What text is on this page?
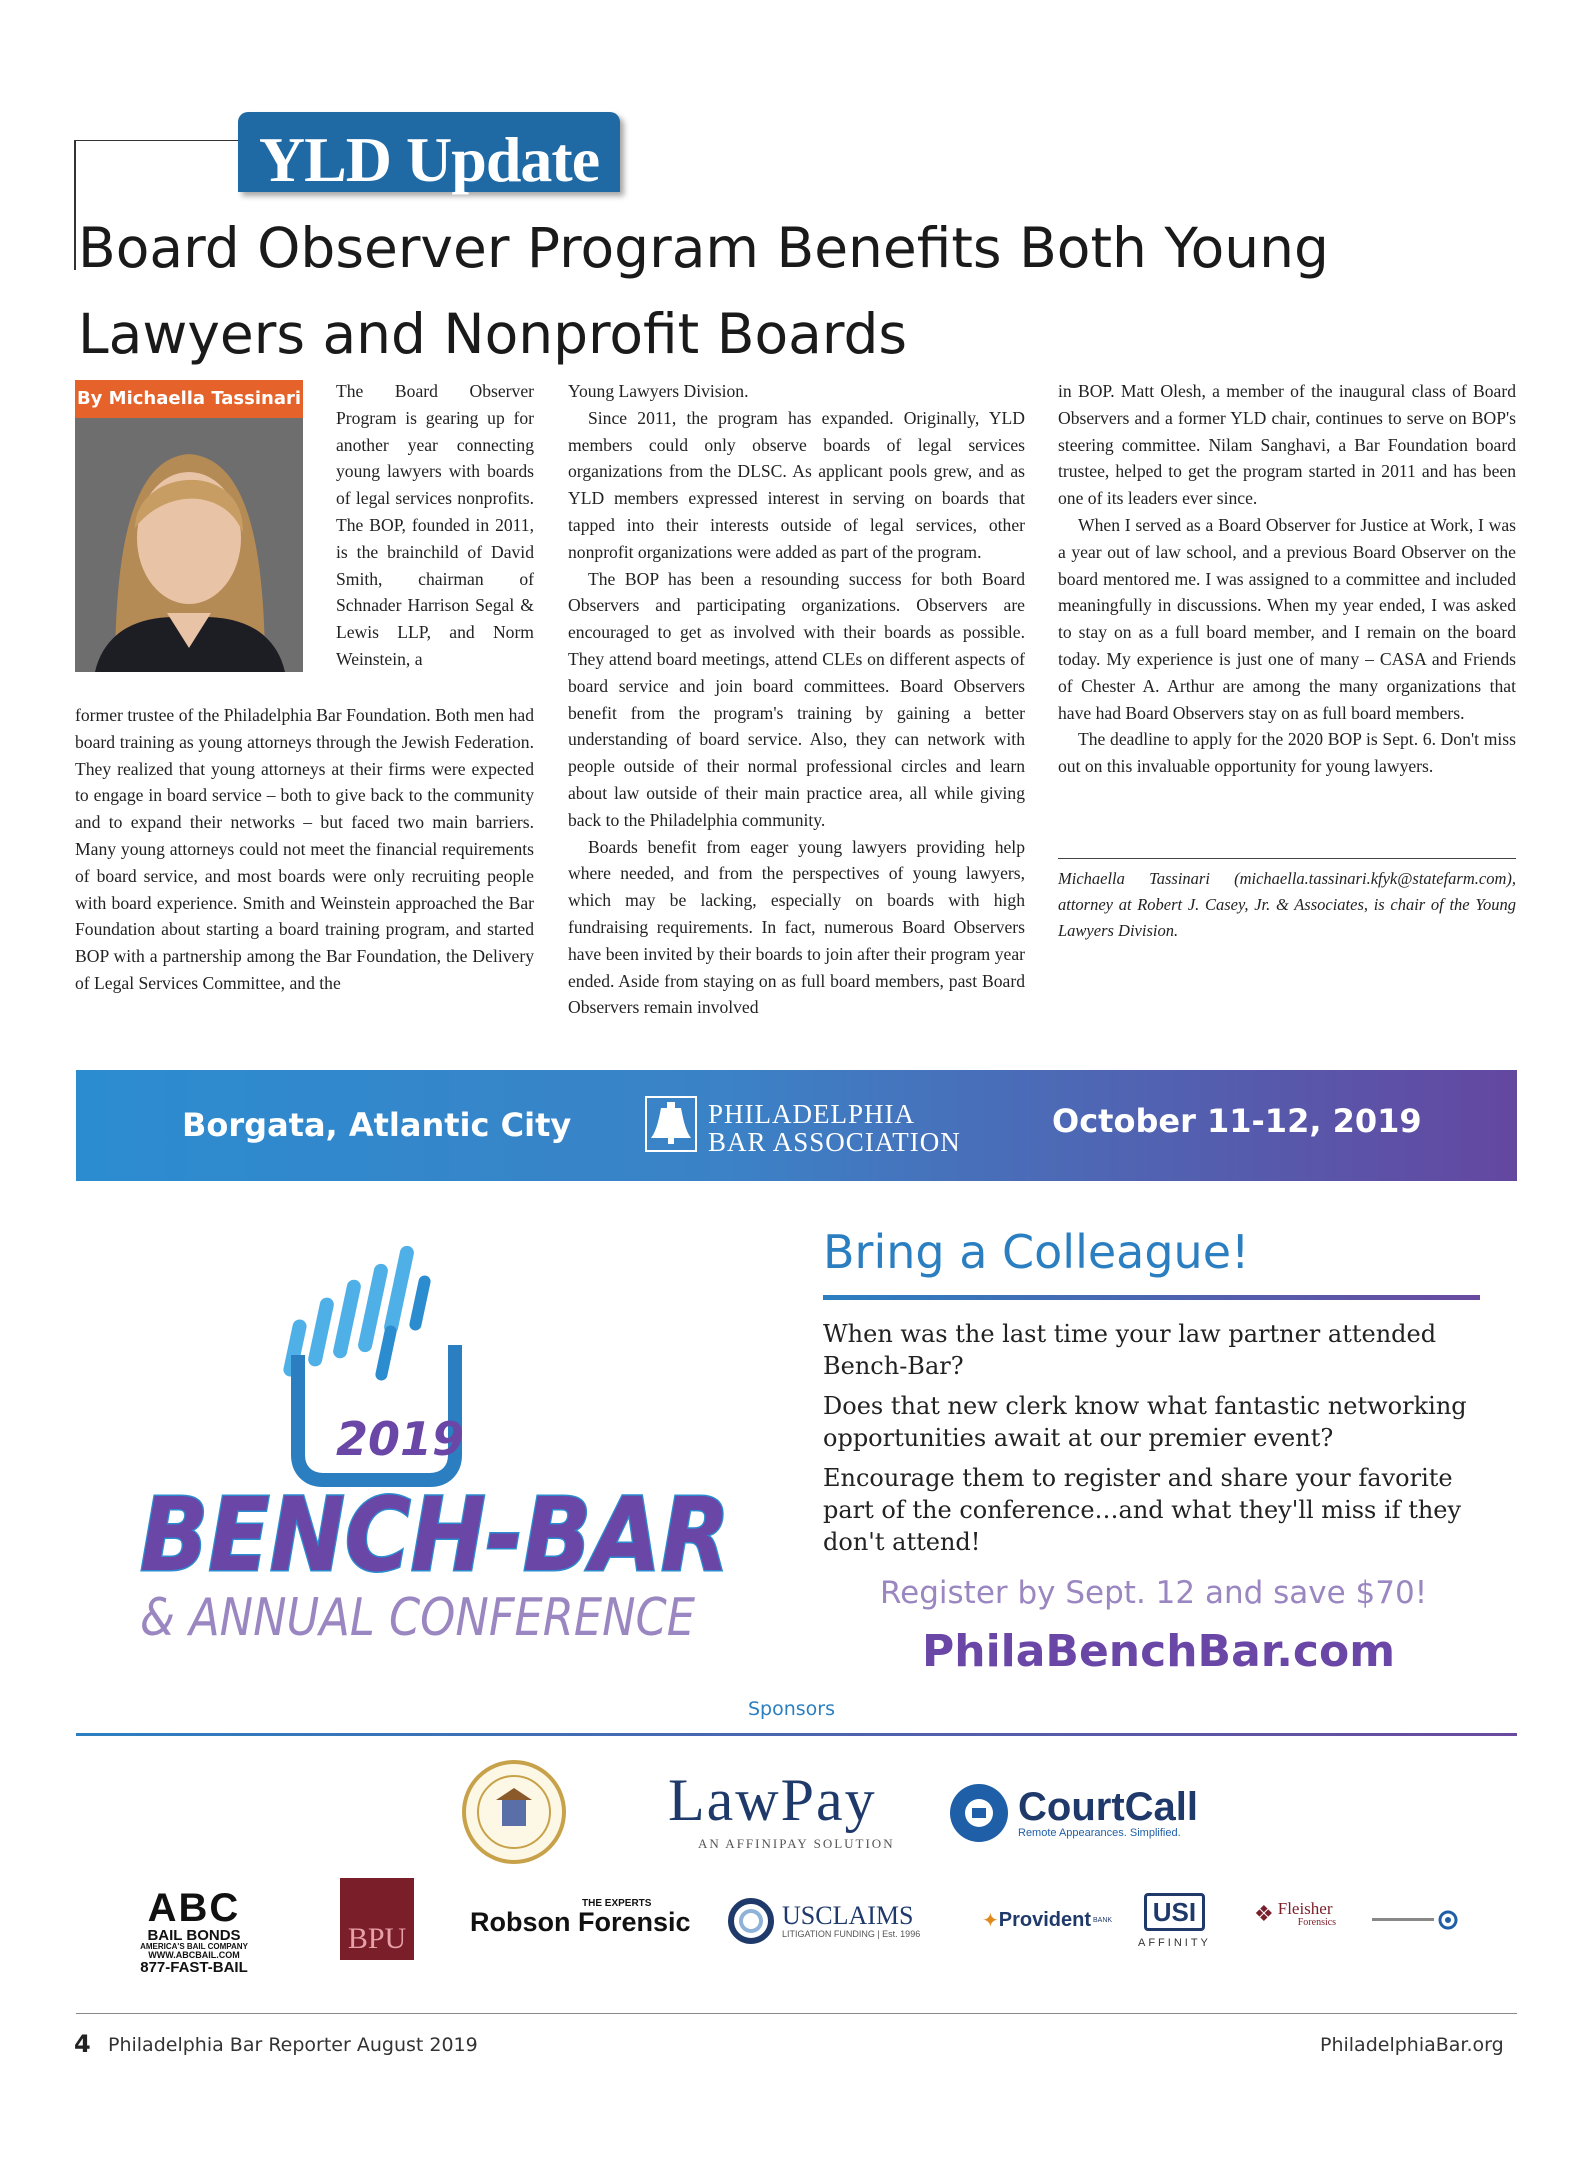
YLD Update
Board Observer Program Benefits Both Young Lawyers and Nonprofit Boards
By Michaella Tassinari The Board Observer Program is gearing up for another year connecting young lawyers with boards of legal services nonprofits. The BOP, founded in 2011, is the brainchild of David Smith, chairman of Schnader Harrison Segal & Lewis LLP, and Norm Weinstein, a

former trustee of the Philadelphia Bar Foundation. Both men had board training as young attorneys through the Jewish Federation. They realized that young attorneys at their firms were expected to engage in board service – both to give back to the community and to expand their networks – but faced two main barriers. Many young attorneys could not meet the financial requirements of board service, and most boards were only recruiting people with board experience. Smith and Weinstein approached the Bar Foundation about starting a board training program, and started BOP with a partnership among the Bar Foundation, the Delivery of Legal Services Committee, and the

Young Lawyers Division.

Since 2011, the program has expanded. Originally, YLD members could only observe boards of legal services organizations from the DLSC. As applicant pools grew, and as YLD members expressed interest in serving on boards that tapped into their interests outside of legal services, other nonprofit organizations were added as part of the program.

The BOP has been a resounding success for both Board Observers and participating organizations. Observers are encouraged to get as involved with their boards as possible. They attend board meetings, attend CLEs on different aspects of board service and join board committees. Board Observers benefit from the program's training by gaining a better understanding of board service. Also, they can network with people outside of their normal professional circles and learn about law outside of their main practice area, all while giving back to the Philadelphia community.

Boards benefit from eager young lawyers providing help where needed, and from the perspectives of young lawyers, which may be lacking, especially on boards with high fundraising requirements. In fact, numerous Board Observers have been invited by their boards to join after their program year ended. Aside from staying on as full board members, past Board Observers remain involved

in BOP. Matt Olesh, a member of the inaugural class of Board Observers and a former YLD chair, continues to serve on BOP's steering committee. Nilam Sanghavi, a Bar Foundation board trustee, helped to get the program started in 2011 and has been one of its leaders ever since.

When I served as a Board Observer for Justice at Work, I was a year out of law school, and a previous Board Observer on the board mentored me. I was assigned to a committee and included meaningfully in discussions. When my year ended, I was asked to stay on as a full board member, and I remain on the board today. My experience is just one of many – CASA and Friends of Chester A. Arthur are among the many organizations that have had Board Observers stay on as full board members.

The deadline to apply for the 2020 BOP is Sept. 6. Don't miss out on this invaluable opportunity for young lawyers.

Michaella Tassinari (michaella.tassinari.kfyk@statefarm.com), attorney at Robert J. Casey, Jr. & Associates, is chair of the Young Lawyers Division.
Borgata, Atlantic City	PHILADELPHIA
BAR ASSOCIATION
October 11-12, 2019
2019
BENCH-BAR
& ANNUAL CONFERENCE
Bring a Colleague!
When was the last time your law partner attended Bench-Bar?
Does that new clerk know what fantastic networking opportunities await at our premier event?
Encourage them to register and share your favorite part of the conference…and what they'll miss if they don't attend!
Register by Sept. 12 and save $70!
PhilaBenchBar.com
Sponsors
LawPay
AN AFFINIPAY SOLUTION
CourtCall
Remote Appearances. Simplified.
ABC
BAIL BONDS
AMERICA'S BAIL COMPANY
WWW.ABCBAIL.COM
877-FAST-BAIL
BPU
THE EXPERTS
Robson Forensic	USCLAIMS
LITIGATION FUNDING | Est. 1996
✦ Provident BANK	USI
AFFINITY
❖ Fleisher
Forensics
4 Philadelphia Bar Reporter August 2019	PhiladelphiaBar.org
